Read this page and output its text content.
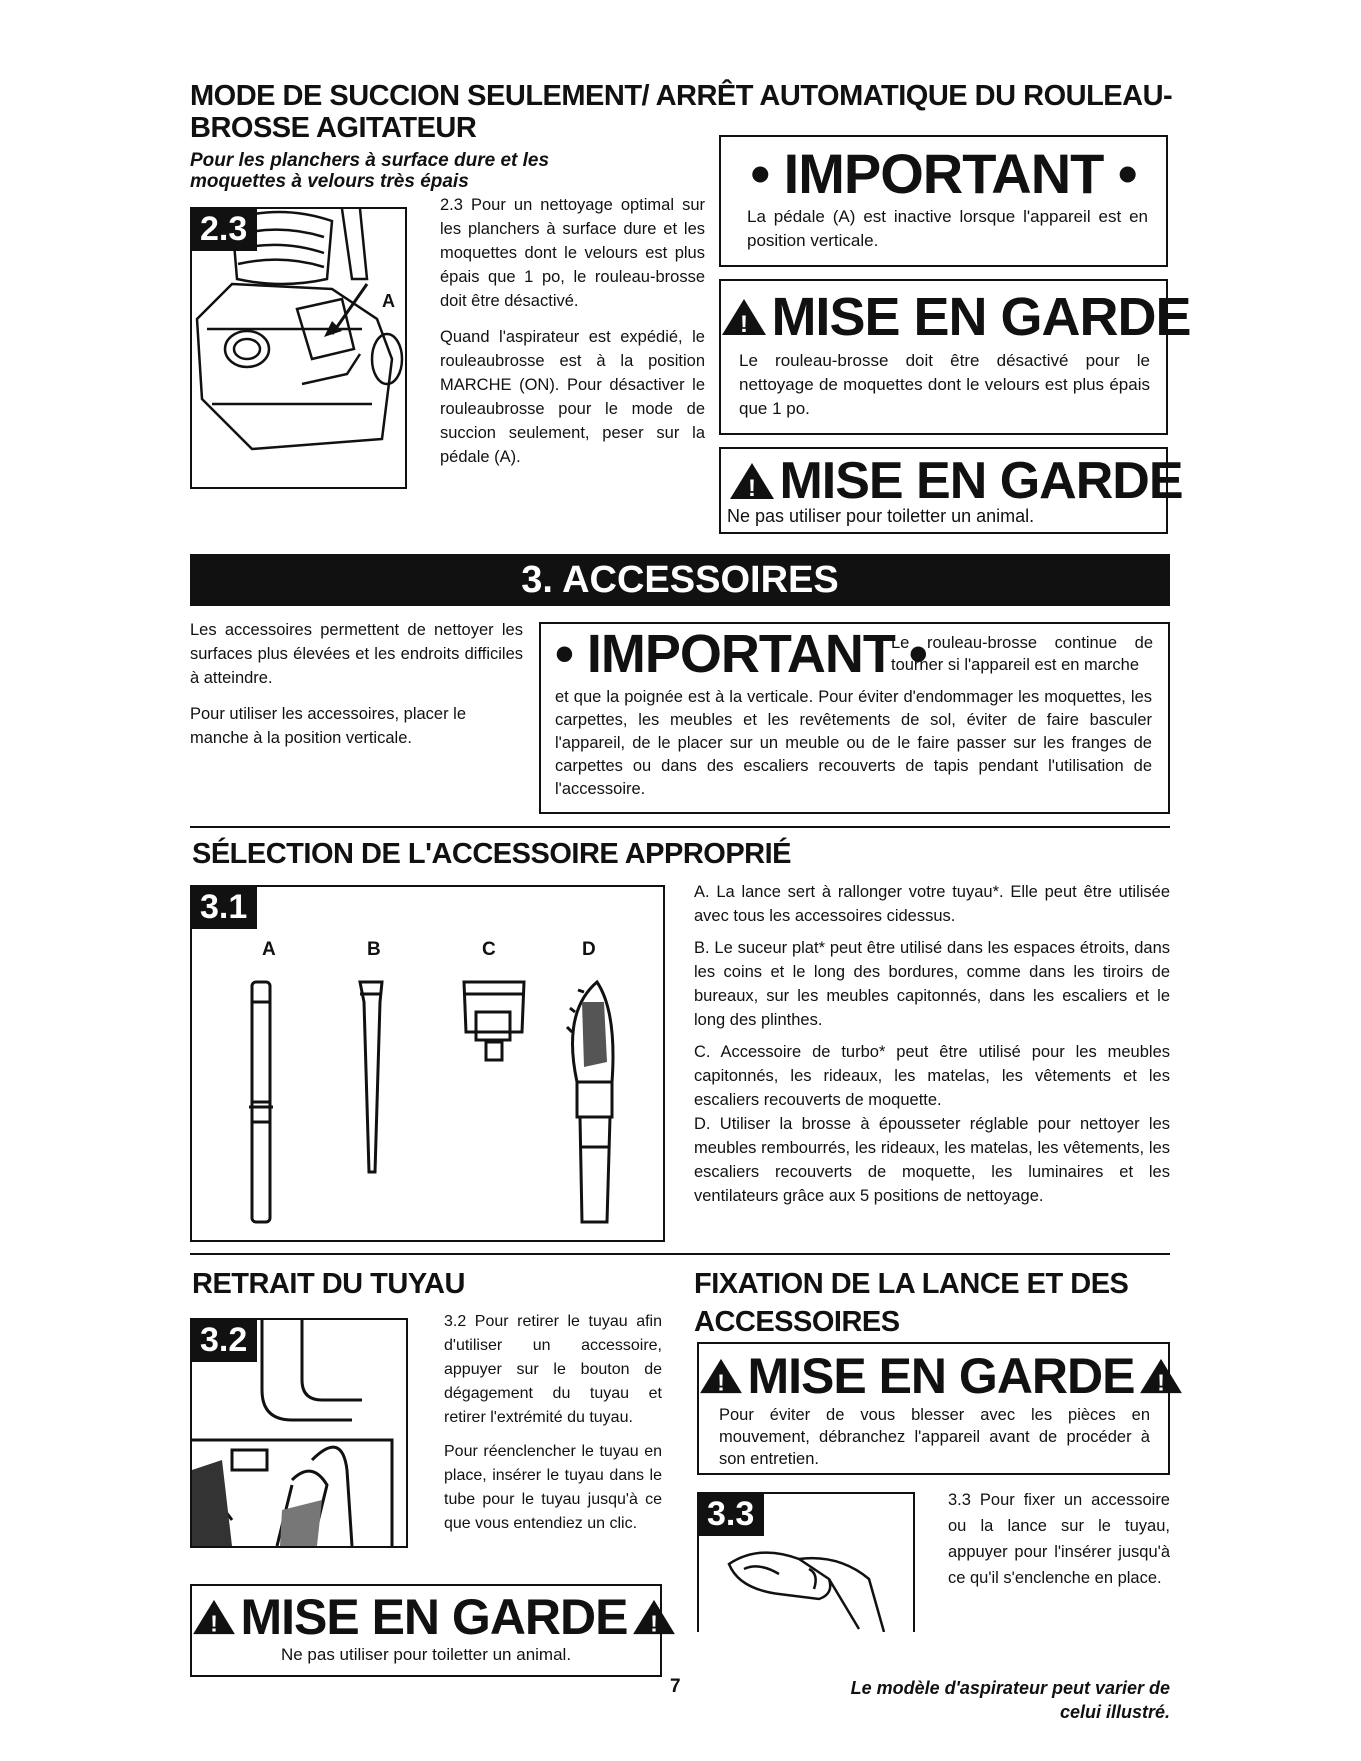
MODE DE SUCCION SEULEMENT/ ARRÊT AUTOMATIQUE DU ROULEAU-
BROSSE AGITATEUR
Pour les planchers à surface dure et les
moquettes à velours très épais
2.3
A

2.3 Pour un nettoyage optimal sur les planchers à surface dure et les moquettes dont le velours est plus épais que 1 po, le rouleau-brosse doit être désactivé.

Quand l'aspirateur est expédié, le rouleaubrosse est à la position MARCHE (ON). Pour désactiver le rouleaubrosse pour le mode de succion seulement, peser sur la pédale (A).

• IMPORTANT •
La pédale (A) est inactive lorsque l'appareil est en position verticale.
! MISE EN GARDE
Le rouleau-brosse doit être désactivé pour le nettoyage de moquettes dont le velours est plus épais que 1 po.
! MISE EN GARDE
Ne pas utiliser pour toiletter un animal.
3. ACCESSOIRES

Les accessoires permettent de nettoyer les surfaces plus élevées et les endroits difficiles à atteindre.

Pour utiliser les accessoires, placer le manche à la position verticale.

• IMPORTANT •
Le rouleau-brosse continue de tourner si l'appareil est en marche
et que la poignée est à la verticale. Pour éviter d'endommager les moquettes, les carpettes, les meubles et les revêtements de sol, éviter de faire basculer l'appareil, de le placer sur un meuble ou de le faire passer sur les franges de carpettes ou dans des escaliers recouverts de tapis pendant l'utilisation de l'accessoire.
SÉLECTION DE L'ACCESSOIRE APPROPRIÉ
3.1
A	B	C	D

A. La lance sert à rallonger votre tuyau*. Elle peut être utilisée avec tous les accessoires cidessus.

B. Le suceur plat* peut être utilisé dans les espaces étroits, dans les coins et le long des bordures, comme dans les tiroirs de bureaux, sur les meubles capitonnés, dans les escaliers et le long des plinthes.

C. Accessoire de turbo* peut être utilisé pour les meubles capitonnés, les rideaux, les matelas, les vêtements et les escaliers recouverts de moquette.

D. Utiliser la brosse à épousseter réglable pour nettoyer les meubles rembourrés, les rideaux, les matelas, les vêtements, les escaliers recouverts de moquette, les luminaires et les ventilateurs grâce aux 5 positions de nettoyage.

RETRAIT DU TUYAU
3.2	3.2 Pour retirer le tuyau afin d'utiliser un accessoire, appuyer sur le bouton de dégagement du tuyau et retirer l'extrémité du tuyau.

Pour réenclencher le tuyau en place, insérer le tuyau dans le tube pour le tuyau jusqu'à ce que vous entendiez un clic.

! MISE EN GARDE !
Ne pas utiliser pour toiletter un animal.
FIXATION DE LA LANCE ET DES
ACCESSOIRES
! MISE EN GARDE !
Pour éviter de vous blesser avec les pièces en mouvement, débranchez l'appareil avant de procéder à son entretien.
3.3	3.3 Pour fixer un accessoire ou la lance sur le tuyau, appuyer pour l'insérer jusqu'à ce qu'il s'enclenche en place.
7	Le modèle d'aspirateur peut varier de
celui illustré.
